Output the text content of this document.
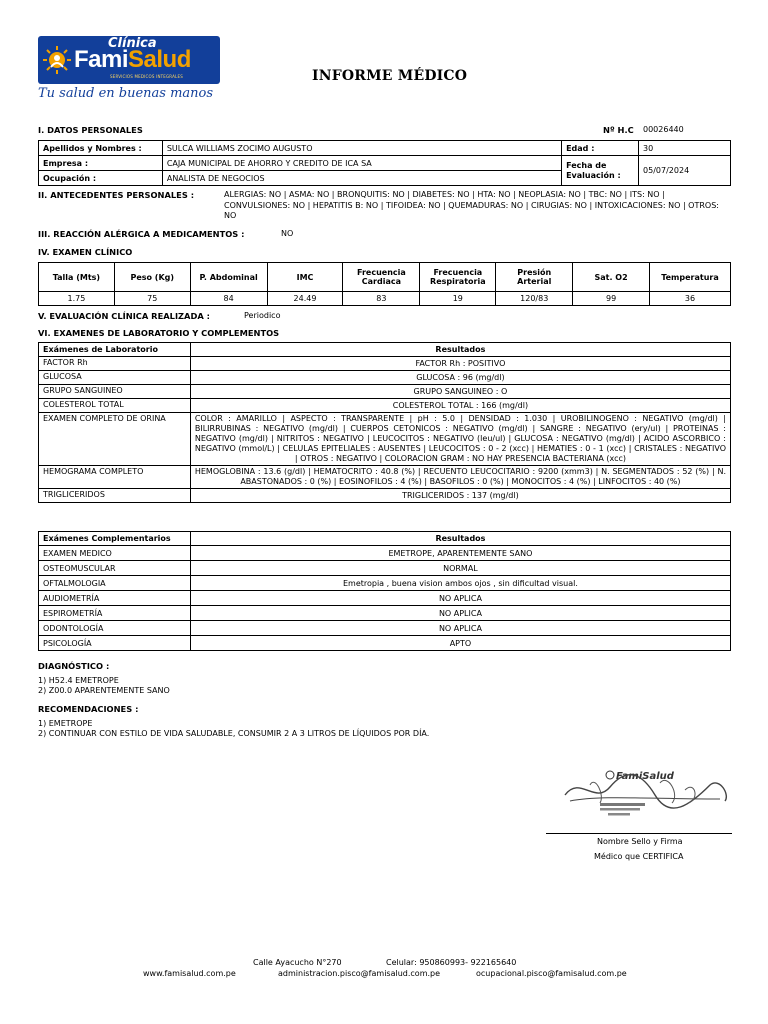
Clínica
FamiSalud
SERVICIOS MEDICOS INTEGRALES
Tu salud en buenas manos
INFORME MÉDICO
I. DATOS PERSONALES	Nº H.C 00026440
Apellidos y Nombres :	SULCA WILLIAMS ZOCIMO AUGUSTO	Edad :	30
Empresa :	CAJA MUNICIPAL DE AHORRO Y CREDITO DE ICA SA	Fecha de Evaluación :	05/07/2024
Ocupación :	ANALISTA DE NEGOCIOS		
II. ANTECEDENTES PERSONALES :	ALERGIAS: NO | ASMA: NO | BRONQUITIS: NO | DIABETES: NO | HTA: NO | NEOPLASIA: NO | TBC: NO | ITS: NO | CONVULSIONES: NO | HEPATITIS B: NO | TIFOIDEA: NO | QUEMADURAS: NO | CIRUGIAS: NO | INTOXICACIONES: NO | OTROS: NO
III. REACCIÓN ALÉRGICA A MEDICAMENTOS :	NO
IV. EXAMEN CLÍNICO
Talla (Mts)	Peso (Kg)	P. Abdominal	IMC	Frecuencia Cardiaca	Frecuencia Respiratoria	Presión Arterial	Sat. O2	Temperatura
1.75	75	84	24.49	83	19	120/83	99	36
V. EVALUACIÓN CLÍNICA REALIZADA :	Periodico
VI. EXAMENES DE LABORATORIO Y COMPLEMENTOS
Exámenes de Laboratorio	Resultados
FACTOR Rh	FACTOR Rh : POSITIVO
GLUCOSA	GLUCOSA : 96 (mg/dl)
GRUPO SANGUINEO	GRUPO SANGUINEO : O
COLESTEROL TOTAL	COLESTEROL TOTAL : 166 (mg/dl)
EXAMEN COMPLETO DE ORINA	COLOR : AMARILLO | ASPECTO : TRANSPARENTE | pH : 5.0 | DENSIDAD : 1.030 | UROBILINOGENO : NEGATIVO (mg/dl) | BILIRRUBINAS : NEGATIVO (mg/dl) | CUERPOS CETONICOS : NEGATIVO (mg/dl) | SANGRE : NEGATIVO (ery/ul) | PROTEINAS : NEGATIVO (mg/dl) | NITRITOS : NEGATIVO | LEUCOCITOS : NEGATIVO (leu/ul) | GLUCOSA : NEGATIVO (mg/dl) | ACIDO ASCORBICO : NEGATIVO (mmol/L) | CELULAS EPITELIALES : AUSENTES | LEUCOCITOS : 0 - 2 (xcc) | HEMATIES : 0 - 1 (xcc) | CRISTALES : NEGATIVO | OTROS : NEGATIVO | COLORACION GRAM : NO HAY PRESENCIA BACTERIANA (xcc)
HEMOGRAMA COMPLETO	HEMOGLOBINA : 13.6 (g/dl) | HEMATOCRITO : 40.8 (%) | RECUENTO LEUCOCITARIO : 9200 (xmm3) | N. SEGMENTADOS : 52 (%) | N. ABASTONADOS : 0 (%) | EOSINOFILOS : 4 (%) | BASOFILOS : 0 (%) | MONOCITOS : 4 (%) | LINFOCITOS : 40 (%)
TRIGLICERIDOS	TRIGLICERIDOS : 137 (mg/dl)
Exámenes Complementarios	Resultados
EXAMEN MEDICO	EMETROPE, APARENTEMENTE SANO
OSTEOMUSCULAR	NORMAL
OFTALMOLOGIA	Emetropia , buena vision ambos ojos , sin dificultad visual.
AUDIOMETRÍA	NO APLICA
ESPIROMETRÍA	NO APLICA
ODONTOLOGÍA	NO APLICA
PSICOLOGÍA	APTO
DIAGNÓSTICO :
1) H52.4 EMETROPE
2) Z00.0 APARENTEMENTE SANO
RECOMENDACIONES :
1) EMETROPE
2) CONTINUAR CON ESTILO DE VIDA SALUDABLE, CONSUMIR 2 A 3 LITROS DE LÍQUIDOS POR DÍA.
FamiSalud
Nombre Sello y Firma
Médico que CERTIFICA
Calle Ayacucho N°270	Celular: 950860993- 922165640
www.famisalud.com.pe	administracion.pisco@famisalud.com.pe	ocupacional.pisco@famisalud.com.pe
